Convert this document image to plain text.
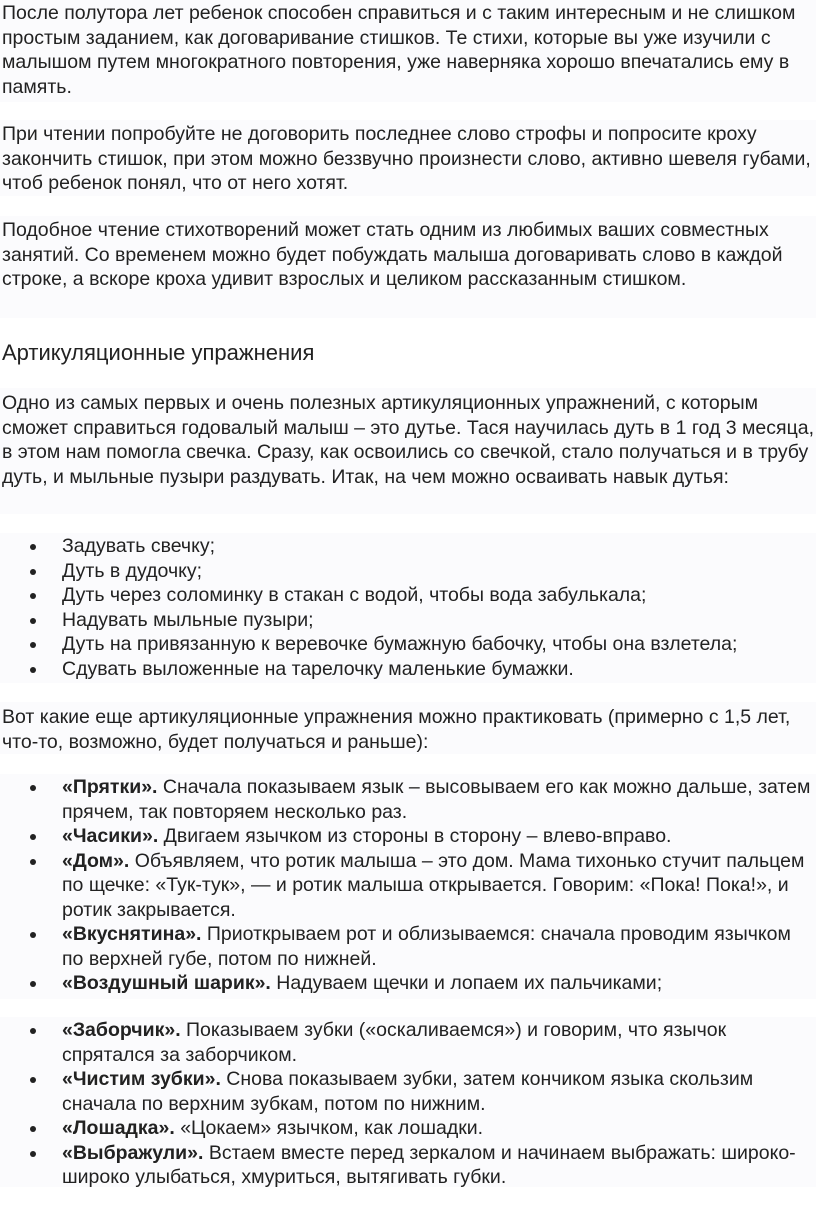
После полутора лет ребенок способен справиться и с таким интересным и не слишком простым заданием, как договаривание стишков. Те стихи, которые вы уже изучили с малышом путем многократного повторения, уже наверняка хорошо впечатались ему в память.

При чтении попробуйте не договорить последнее слово строфы и попросите кроху закончить стишок, при этом можно беззвучно произнести слово, активно шевеля губами, чтоб ребенок понял, что от него хотят.

Подобное чтение стихотворений может стать одним из любимых ваших совместных занятий. Со временем можно будет побуждать малыша договаривать слово в каждой строке, а вскоре кроха удивит взрослых и целиком рассказанным стишком.

Артикуляционные упражнения

Одно из самых первых и очень полезных артикуляционных упражнений, с которым сможет справиться годовалый малыш – это дутье. Тася научилась дуть в 1 год 3 месяца, в этом нам помогла свечка. Сразу, как освоились со свечкой, стало получаться и в трубу дуть, и мыльные пузыри раздувать. Итак, на чем можно осваивать навык дутья:

Задувать свечку;
Дуть в дудочку;
Дуть через соломинку в стакан с водой, чтобы вода забулькала;
Надувать мыльные пузыри;
Дуть на привязанную к веревочке бумажную бабочку, чтобы она взлетела;
Сдувать выложенные на тарелочку маленькие бумажки.

Вот какие еще артикуляционные упражнения можно практиковать (примерно с 1,5 лет, что-то, возможно, будет получаться и раньше):

«Прятки». Сначала показываем язык – высовываем его как можно дальше, затем прячем, так повторяем несколько раз.
«Часики». Двигаем язычком из стороны в сторону – влево-вправо.
«Дом». Объявляем, что ротик малыша – это дом. Мама тихонько стучит пальцем по щечке: «Тук-тук», — и ротик малыша открывается. Говорим: «Пока! Пока!», и ротик закрывается.
«Вкуснятина». Приоткрываем рот и облизываемся: сначала проводим язычком по верхней губе, потом по нижней.
«Воздушный шарик». Надуваем щечки и лопаем их пальчиками;
«Заборчик». Показываем зубки («оскаливаемся») и говорим, что язычок спрятался за заборчиком.
«Чистим зубки». Снова показываем зубки, затем кончиком языка скользим сначала по верхним зубкам, потом по нижним.
«Лошадка». «Цокаем» язычком, как лошадки.
«Выбражули». Встаем вместе перед зеркалом и начинаем выбражать: широко-широко улыбаться, хмуриться, вытягивать губки.
